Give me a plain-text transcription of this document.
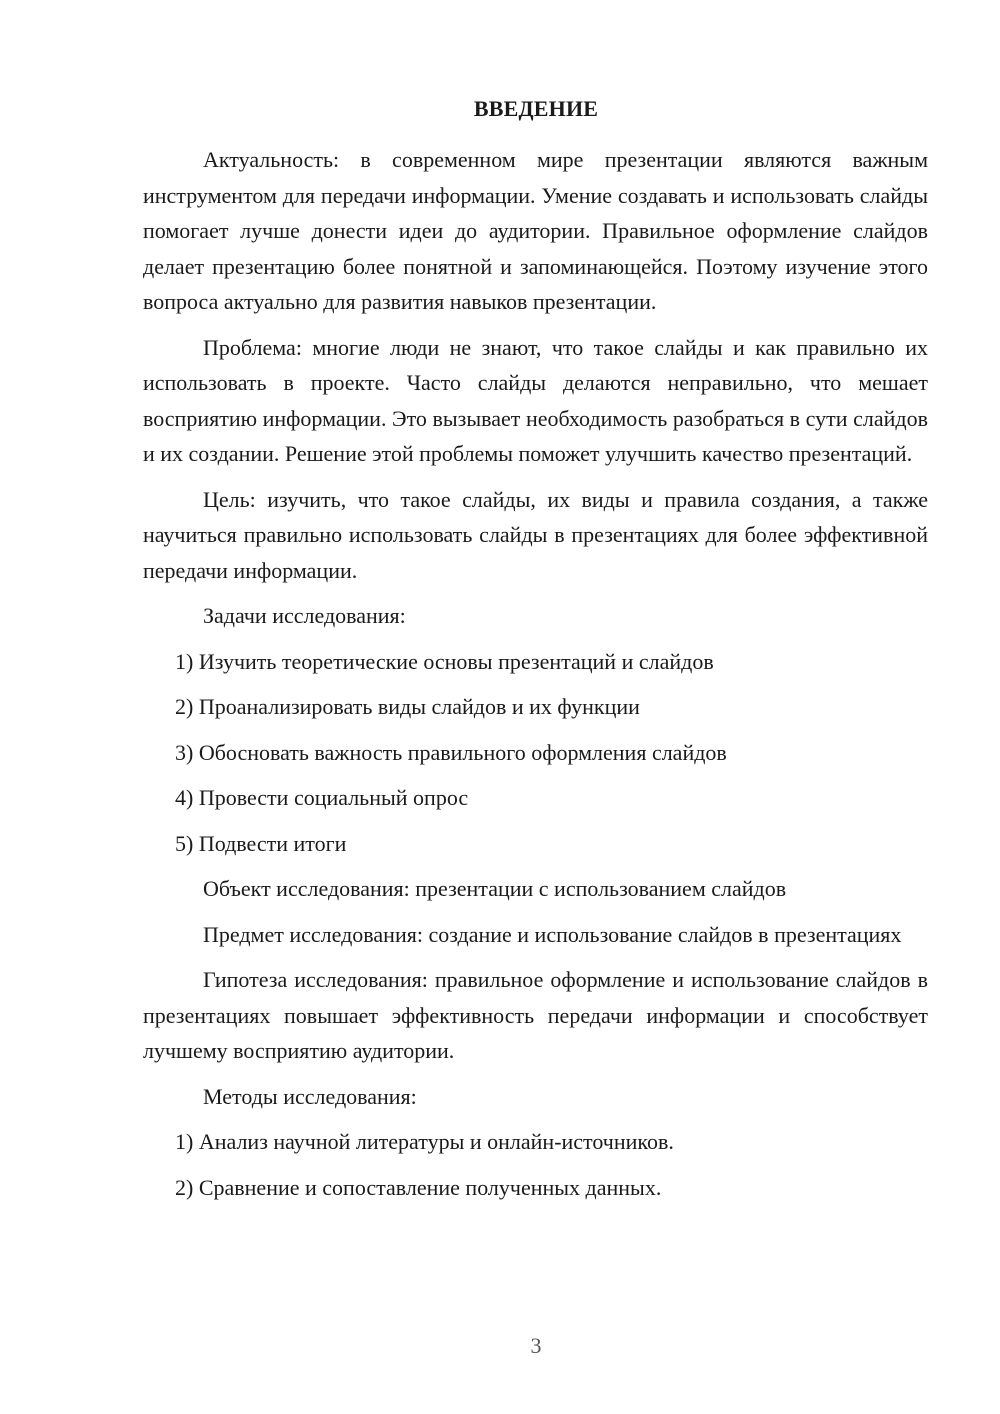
ВВЕДЕНИЕ

Актуальность: в современном мире презентации являются важным инструментом для передачи информации. Умение создавать и использовать слайды помогает лучше донести идеи до аудитории. Правильное оформление слайдов делает презентацию более понятной и запоминающейся. Поэтому изучение этого вопроса актуально для развития навыков презентации.

Проблема: многие люди не знают, что такое слайды и как правильно их использовать в проекте. Часто слайды делаются неправильно, что мешает восприятию информации. Это вызывает необходимость разобраться в сути слайдов и их создании. Решение этой проблемы поможет улучшить качество презентаций.

Цель: изучить, что такое слайды, их виды и правила создания, а также научиться правильно использовать слайды в презентациях для более эффективной передачи информации.

Задачи исследования:

1) Изучить теоретические основы презентаций и слайдов

2) Проанализировать виды слайдов и их функции

3) Обосновать важность правильного оформления слайдов

4) Провести социальный опрос

5) Подвести итоги

Объект исследования: презентации с использованием слайдов

Предмет исследования: создание и использование слайдов в презентациях

Гипотеза исследования: правильное оформление и использование слайдов в презентациях повышает эффективность передачи информации и способствует лучшему восприятию аудитории.

Методы исследования:

1) Анализ научной литературы и онлайн-источников.

2) Сравнение и сопоставление полученных данных.

3
